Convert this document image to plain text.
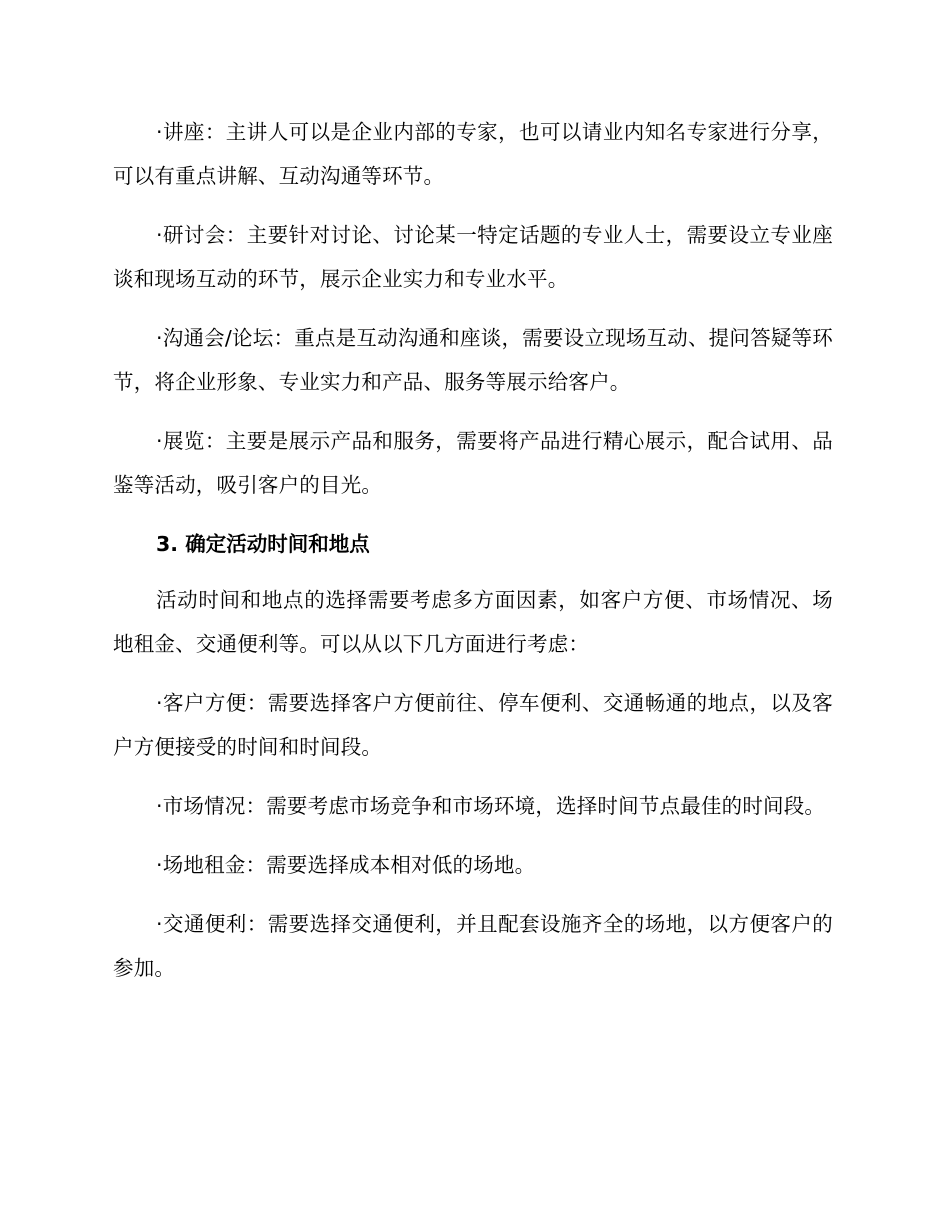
·讲座：主讲人可以是企业内部的专家，也可以请业内知名专家进行分享，可以有重点讲解、互动沟通等环节。

·研讨会：主要针对讨论、讨论某一特定话题的专业人士，需要设立专业座谈和现场互动的环节，展示企业实力和专业水平。

·沟通会/论坛：重点是互动沟通和座谈，需要设立现场互动、提问答疑等环节，将企业形象、专业实力和产品、服务等展示给客户。

·展览：主要是展示产品和服务，需要将产品进行精心展示，配合试用、品鉴等活动，吸引客户的目光。

3. 确定活动时间和地点

活动时间和地点的选择需要考虑多方面因素，如客户方便、市场情况、场地租金、交通便利等。可以从以下几方面进行考虑：

·客户方便：需要选择客户方便前往、停车便利、交通畅通的地点，以及客户方便接受的时间和时间段。

·市场情况：需要考虑市场竞争和市场环境，选择时间节点最佳的时间段。

·场地租金：需要选择成本相对低的场地。

·交通便利：需要选择交通便利，并且配套设施齐全的场地，以方便客户的参加。
